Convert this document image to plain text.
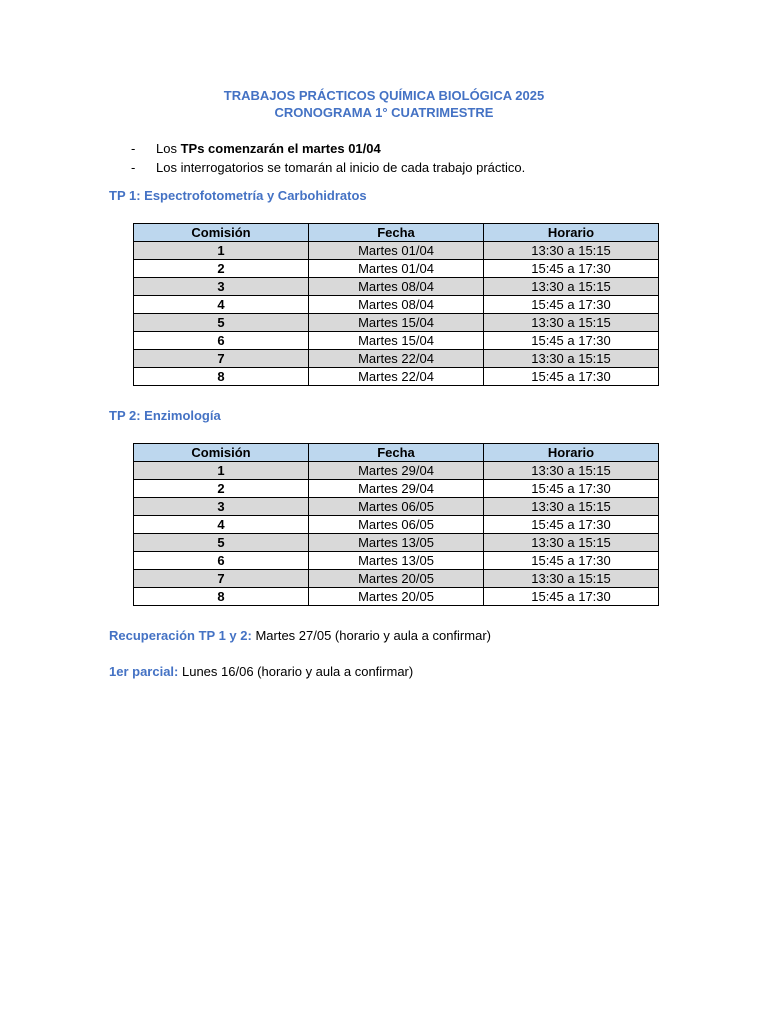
TRABAJOS PRÁCTICOS QUÍMICA BIOLÓGICA 2025
CRONOGRAMA 1° CUATRIMESTRE
- Los TPs comenzarán el martes 01/04
- Los interrogatorios se tomarán al inicio de cada trabajo práctico.
TP 1: Espectrofotometría y Carbohidratos
Comisión	Fecha	Horario
1	Martes 01/04	13:30 a 15:15
2	Martes 01/04	15:45 a 17:30
3	Martes 08/04	13:30 a 15:15
4	Martes 08/04	15:45 a 17:30
5	Martes 15/04	13:30 a 15:15
6	Martes 15/04	15:45 a 17:30
7	Martes 22/04	13:30 a 15:15
8	Martes 22/04	15:45 a 17:30
TP 2: Enzimología
Comisión	Fecha	Horario
1	Martes 29/04	13:30 a 15:15
2	Martes 29/04	15:45 a 17:30
3	Martes 06/05	13:30 a 15:15
4	Martes 06/05	15:45 a 17:30
5	Martes 13/05	13:30 a 15:15
6	Martes 13/05	15:45 a 17:30
7	Martes 20/05	13:30 a 15:15
8	Martes 20/05	15:45 a 17:30
Recuperación TP 1 y 2: Martes 27/05 (horario y aula a confirmar)
1er parcial: Lunes 16/06 (horario y aula a confirmar)
